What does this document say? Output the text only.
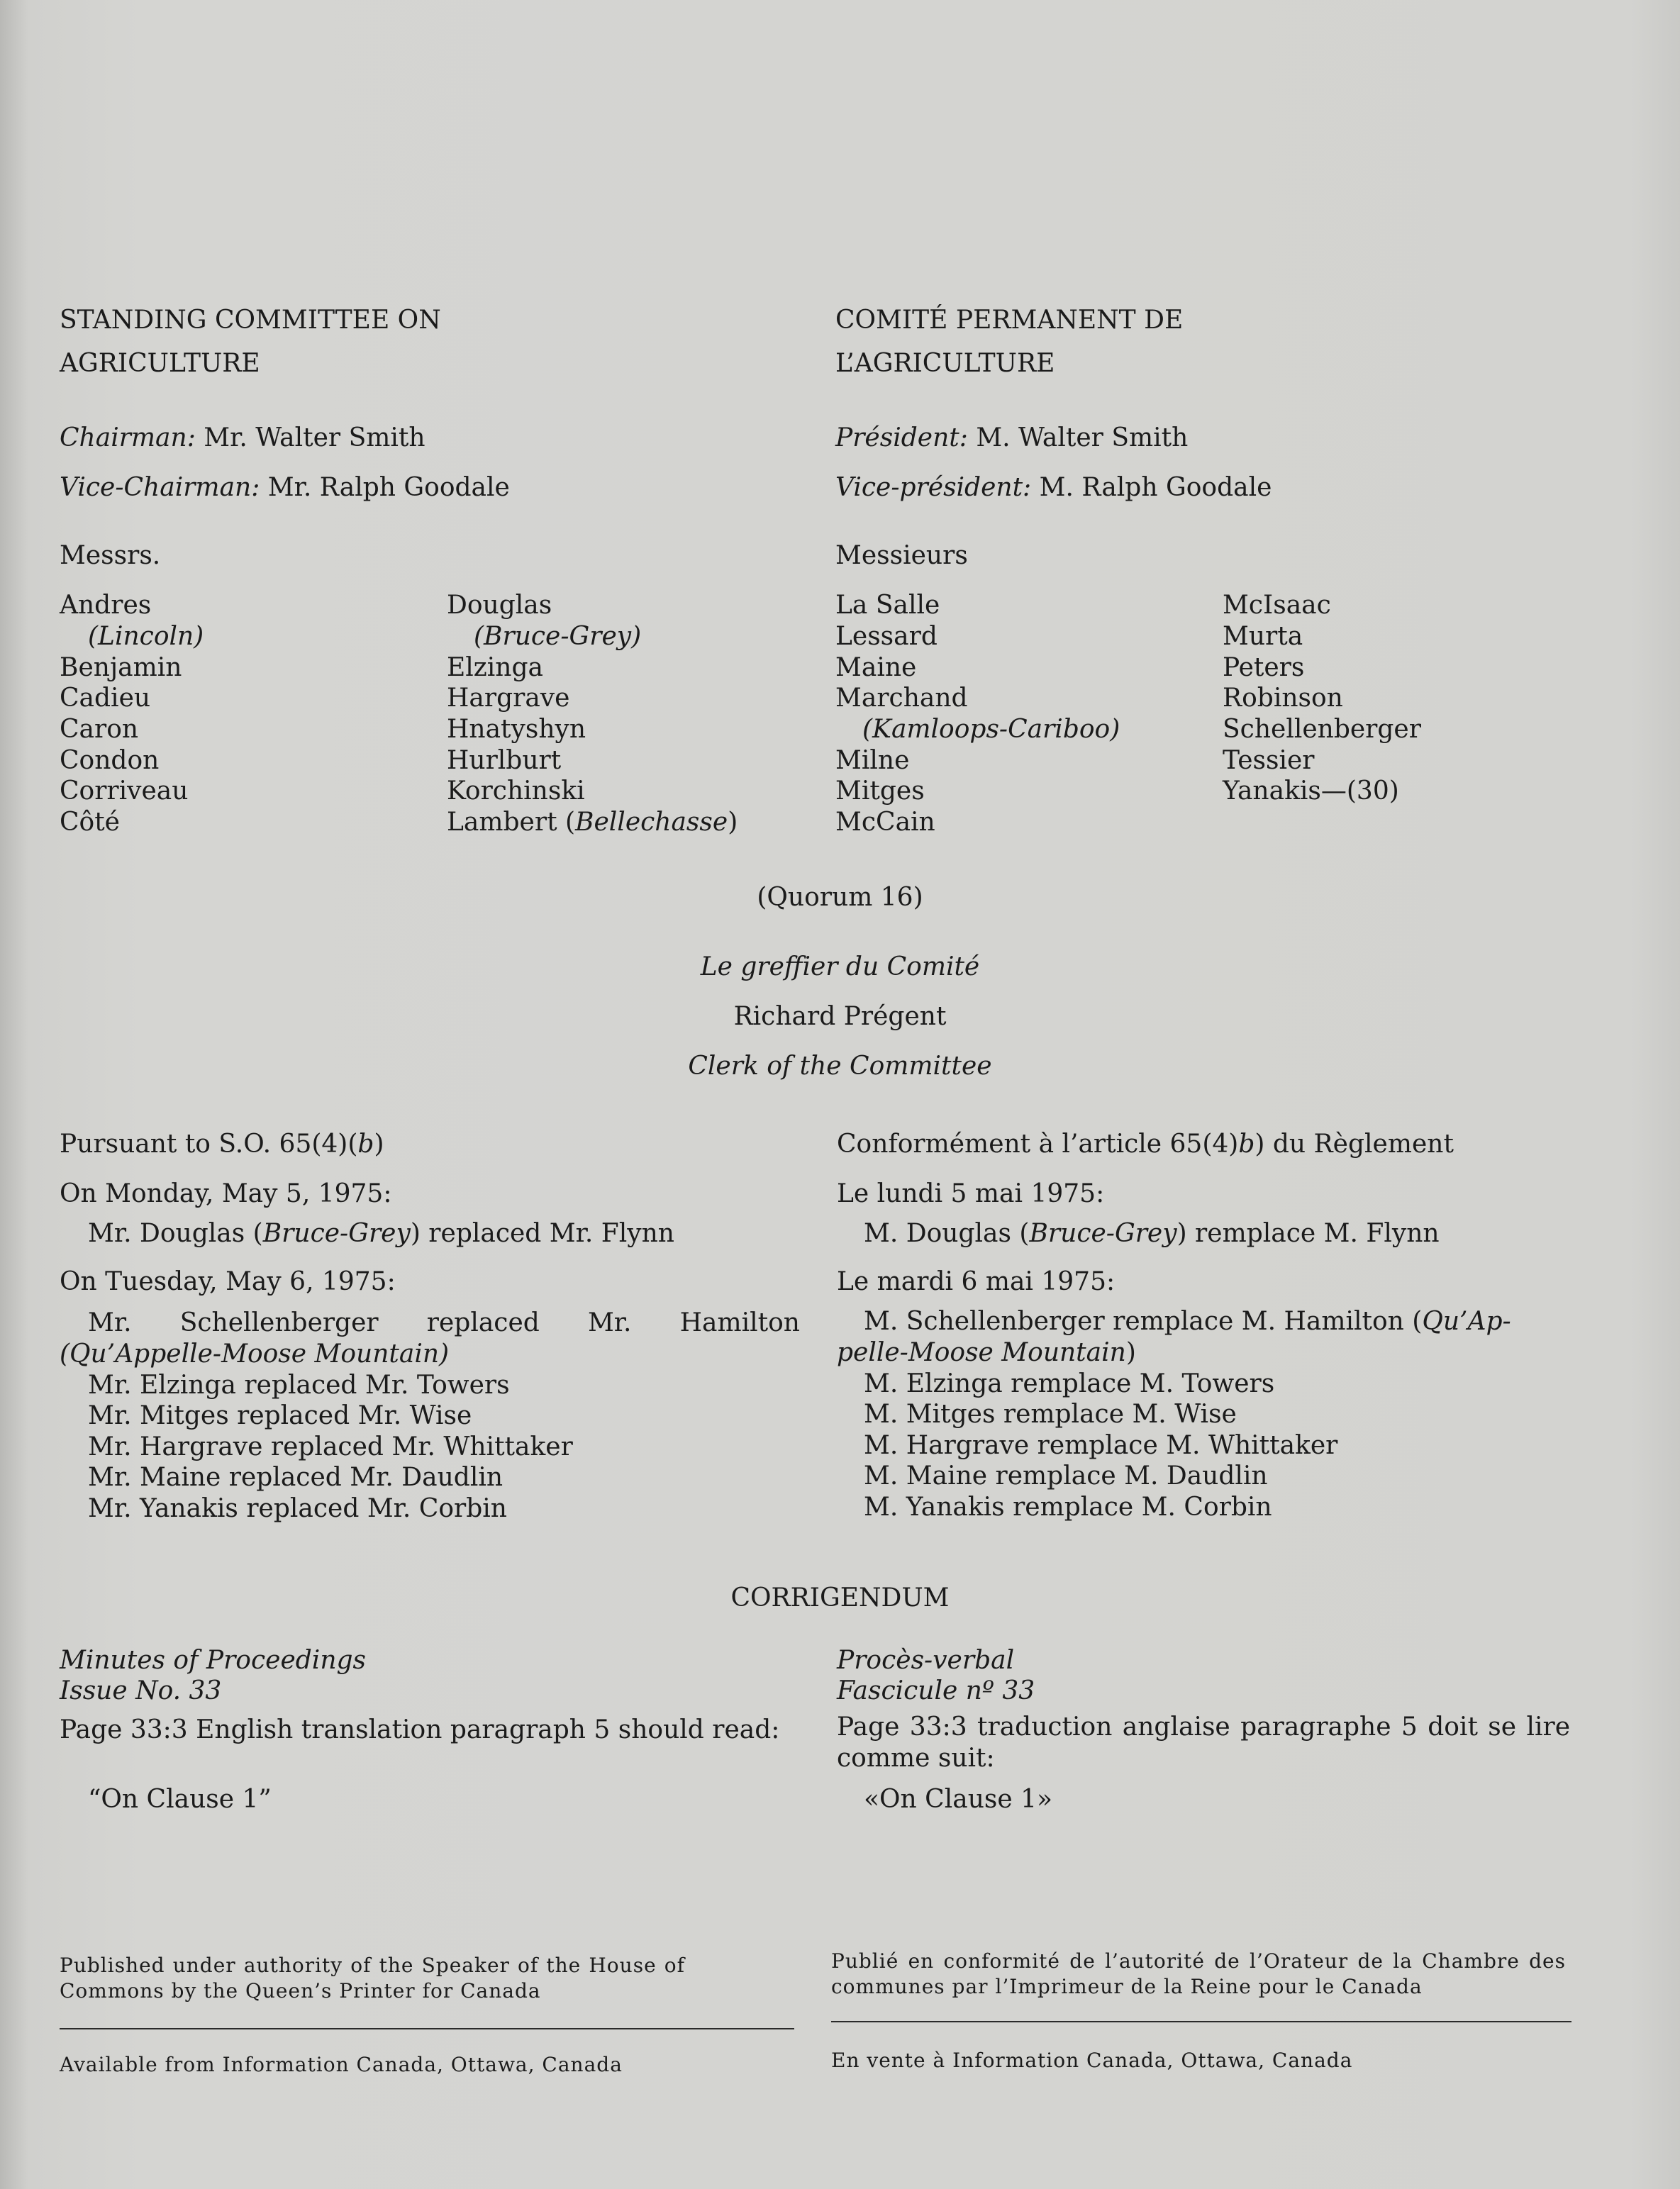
STANDING COMMITTEE ON
AGRICULTURE
Chairman: Mr. Walter Smith
Vice-Chairman: Mr. Ralph Goodale
Messrs.
Andres
(Lincoln)
Benjamin
Cadieu
Caron
Condon
Corriveau
Côté
Douglas
(Bruce-Grey)
Elzinga
Hargrave
Hnatyshyn
Hurlburt
Korchinski
Lambert (Bellechasse)
COMITÉ PERMANENT DE
L’AGRICULTURE
Président: M. Walter Smith
Vice-président: M. Ralph Goodale
Messieurs
La Salle
Lessard
Maine
Marchand
(Kamloops-Cariboo)
Milne
Mitges
McCain
McIsaac
Murta
Peters
Robinson
Schellenberger
Tessier
Yanakis—(30)
(Quorum 16)
Le greffier du Comité
Richard Prégent
Clerk of the Committee
Pursuant to S.O. 65(4)(b)
On Monday, May 5, 1975:
Mr. Douglas (Bruce-Grey) replaced Mr. Flynn
On Tuesday, May 6, 1975:
Mr. Schellenberger replaced Mr. Hamilton
(Qu’Appelle-Moose Mountain)
Mr. Elzinga replaced Mr. Towers
Mr. Mitges replaced Mr. Wise
Mr. Hargrave replaced Mr. Whittaker
Mr. Maine replaced Mr. Daudlin
Mr. Yanakis replaced Mr. Corbin
Conformément à l’article 65(4)b) du Règlement
Le lundi 5 mai 1975:
M. Douglas (Bruce-Grey) remplace M. Flynn
Le mardi 6 mai 1975:
M. Schellenberger remplace M. Hamilton (Qu’Ap-
pelle-Moose Mountain)
M. Elzinga remplace M. Towers
M. Mitges remplace M. Wise
M. Hargrave remplace M. Whittaker
M. Maine remplace M. Daudlin
M. Yanakis remplace M. Corbin
CORRIGENDUM
Minutes of Proceedings
Issue No. 33
Page 33:3 English translation paragraph 5 should read:
“On Clause 1”
Procès-verbal
Fascicule nº 33
Page 33:3 traduction anglaise paragraphe 5 doit se lire comme suit:
«On Clause 1»
Published under authority of the Speaker of the House of Commons by the Queen’s Printer for Canada
Available from Information Canada, Ottawa, Canada
Publié en conformité de l’autorité de l’Orateur de la Chambre des communes par l’Imprimeur de la Reine pour le Canada
En vente à Information Canada, Ottawa, Canada
